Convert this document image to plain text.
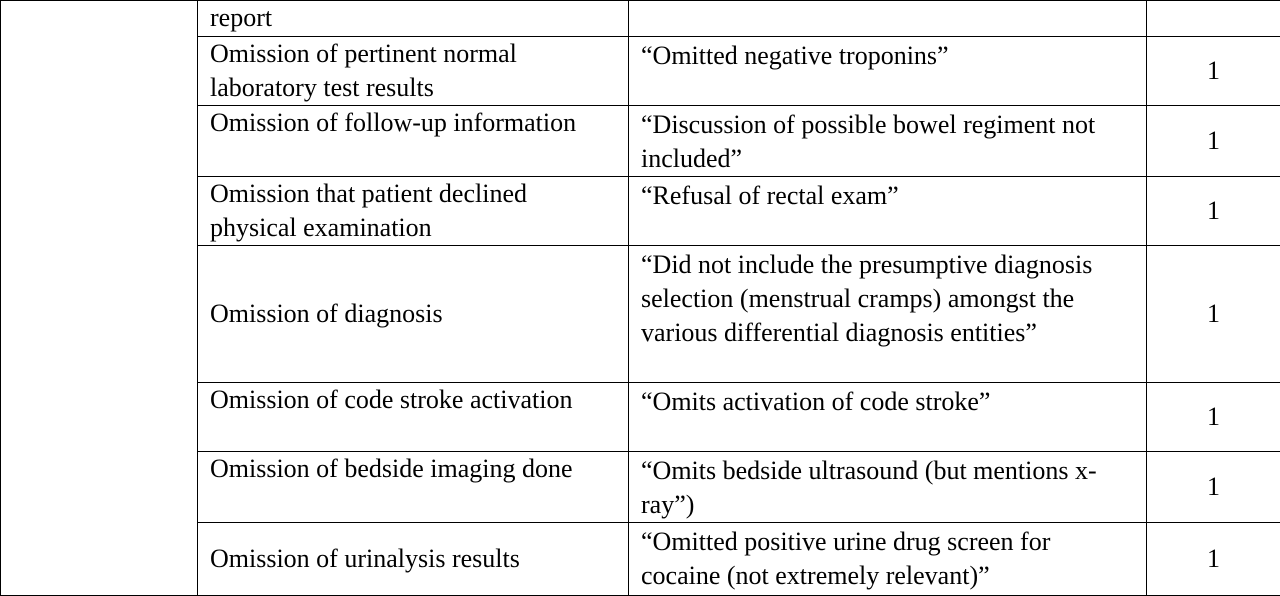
	report		

	Omission of pertinent normal laboratory test results	“Omitted negative troponins”	1

	Omission of follow-up information	“Discussion of possible bowel regiment not included”	1

	Omission that patient declined physical examination	“Refusal of rectal exam”	1

	Omission of diagnosis	“Did not include the presumptive diagnosis selection (menstrual cramps) amongst the various differential diagnosis entities”	1

	Omission of code stroke activation	“Omits activation of code stroke”	1

	Omission of bedside imaging done	“Omits bedside ultrasound (but mentions x-ray”)	1

	Omission of urinalysis results	“Omitted positive urine drug screen for cocaine (not extremely relevant)”	1
